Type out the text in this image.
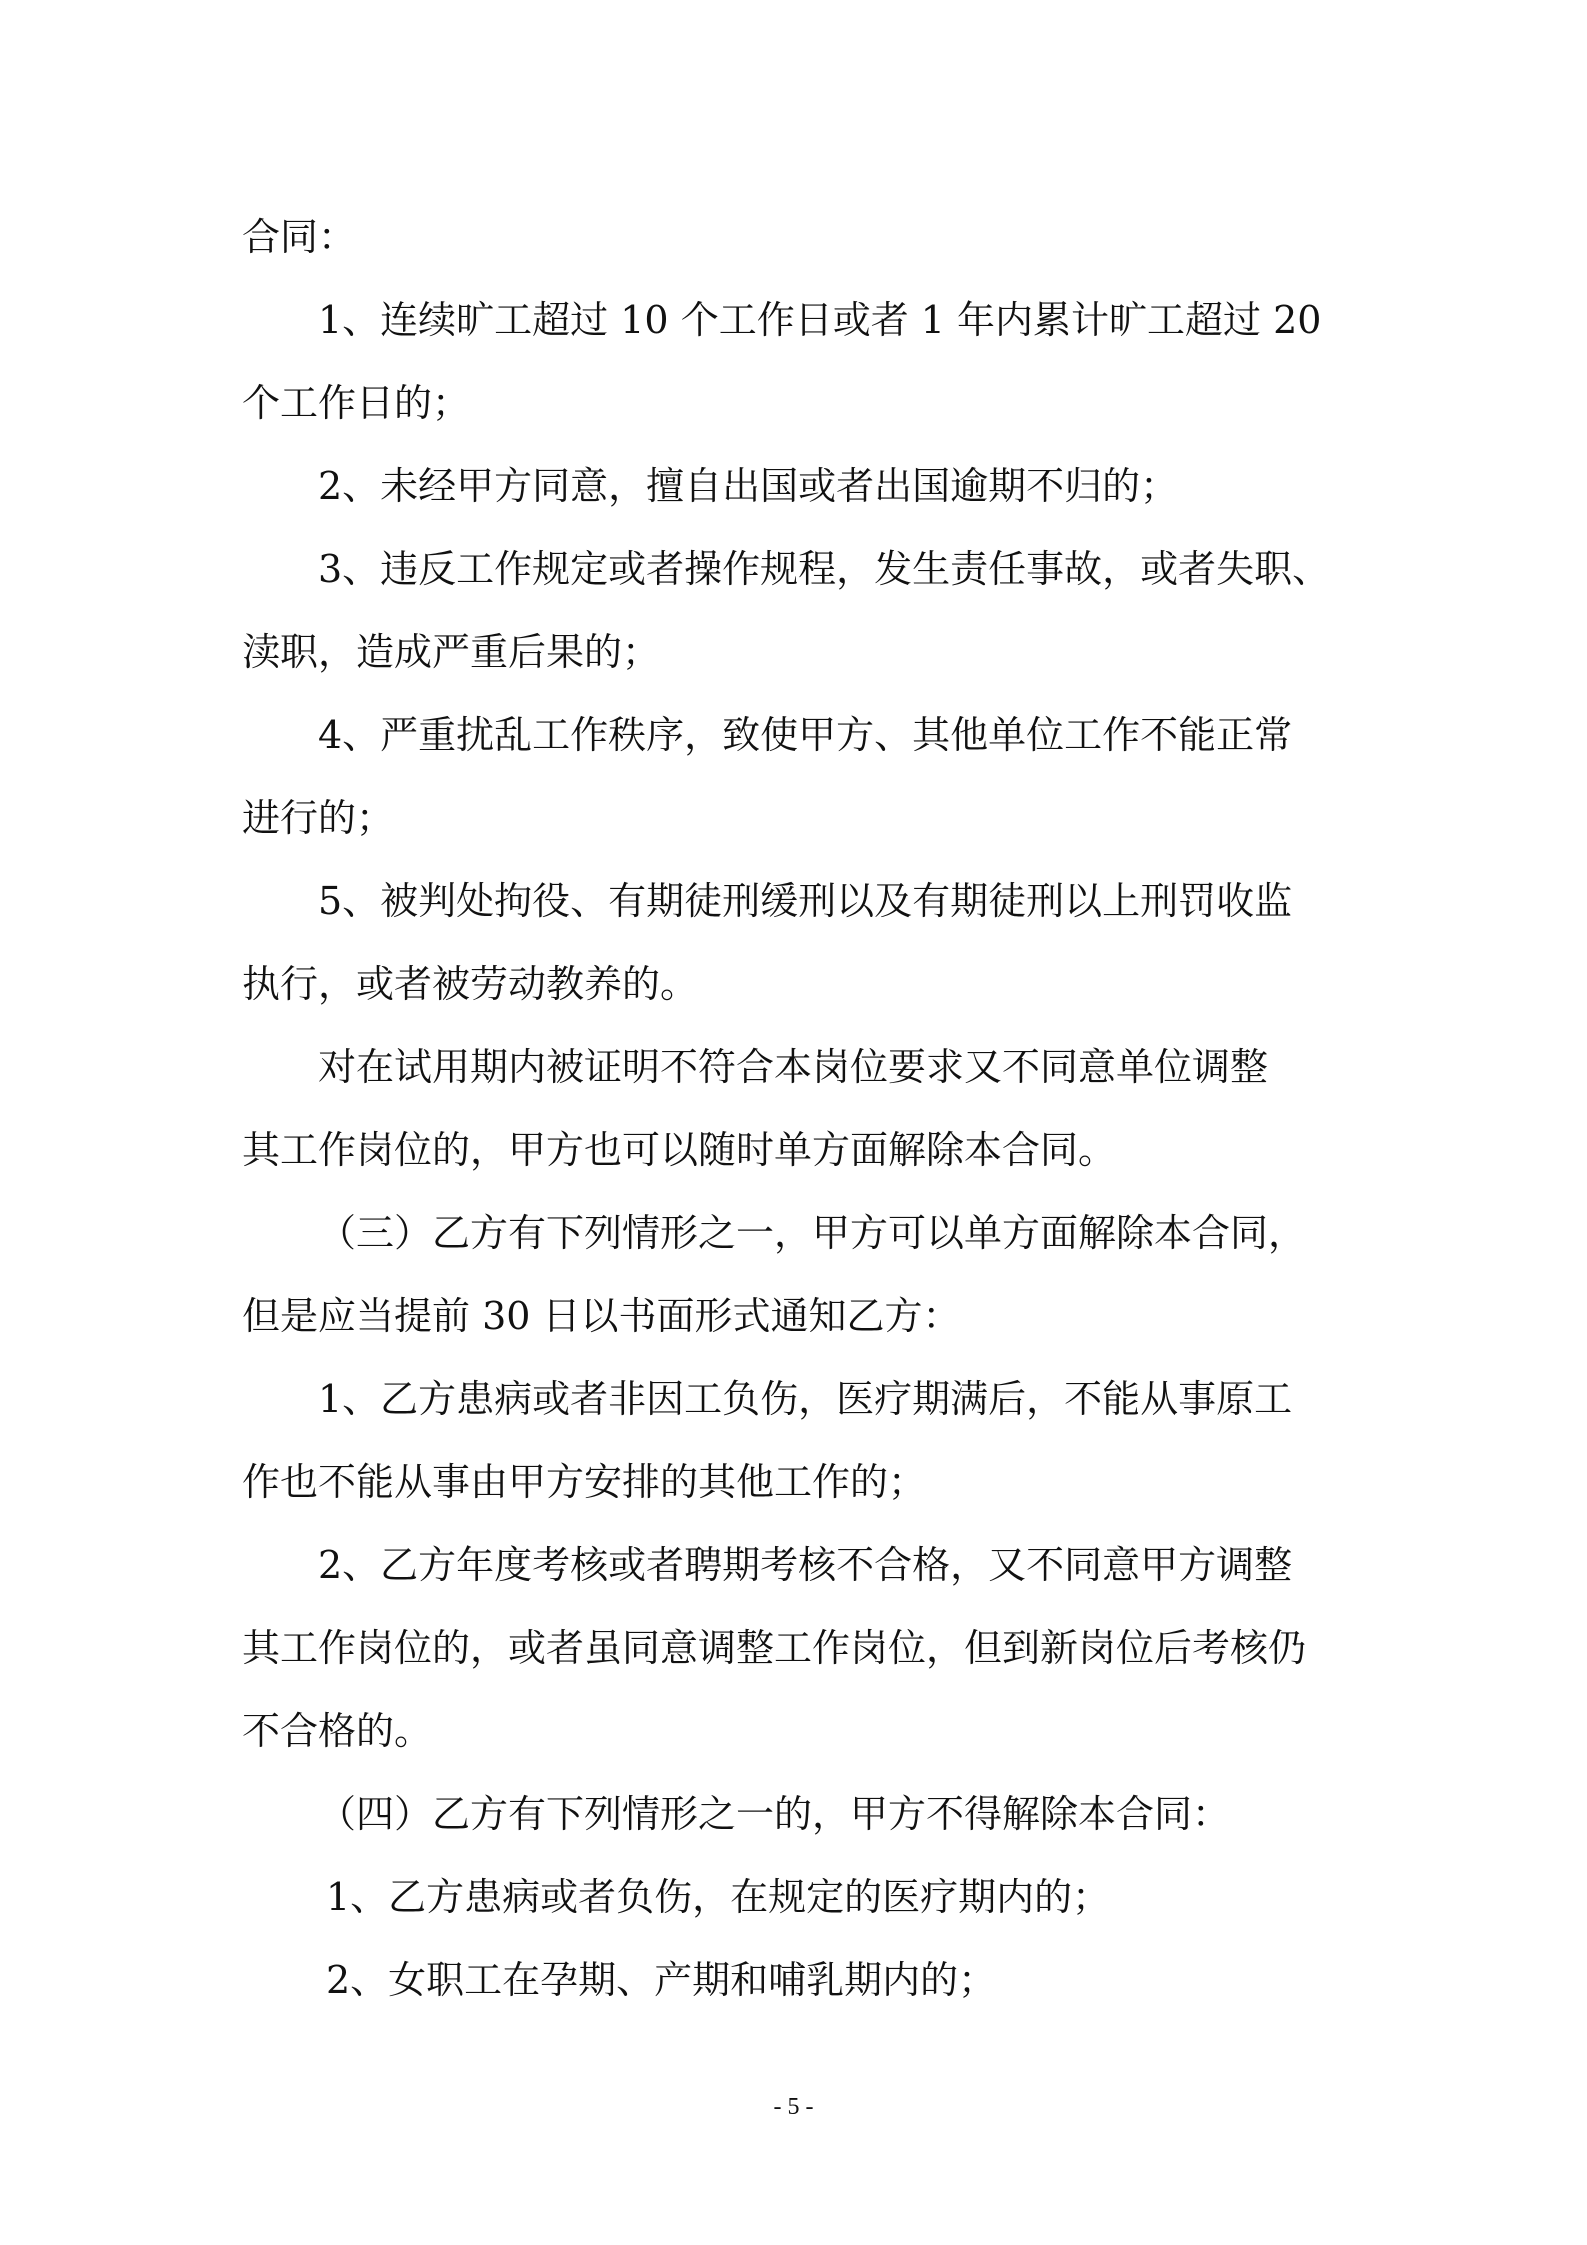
合同：
1、连续旷工超过 10 个工作日或者 1 年内累计旷工超过 20
个工作日的；
2、未经甲方同意，擅自出国或者出国逾期不归的；
3、违反工作规定或者操作规程，发生责任事故，或者失职、
渎职，造成严重后果的；
4、严重扰乱工作秩序，致使甲方、其他单位工作不能正常
进行的；
5、被判处拘役、有期徒刑缓刑以及有期徒刑以上刑罚收监
执行，或者被劳动教养的。
对在试用期内被证明不符合本岗位要求又不同意单位调整
其工作岗位的，甲方也可以随时单方面解除本合同。
（三）乙方有下列情形之一，甲方可以单方面解除本合同，
但是应当提前 30 日以书面形式通知乙方：
1、乙方患病或者非因工负伤，医疗期满后，不能从事原工
作也不能从事由甲方安排的其他工作的；
2、乙方年度考核或者聘期考核不合格，又不同意甲方调整
其工作岗位的，或者虽同意调整工作岗位，但到新岗位后考核仍
不合格的。
（四）乙方有下列情形之一的，甲方不得解除本合同：
1、乙方患病或者负伤，在规定的医疗期内的；
2、女职工在孕期、产期和哺乳期内的；
- 5 -
